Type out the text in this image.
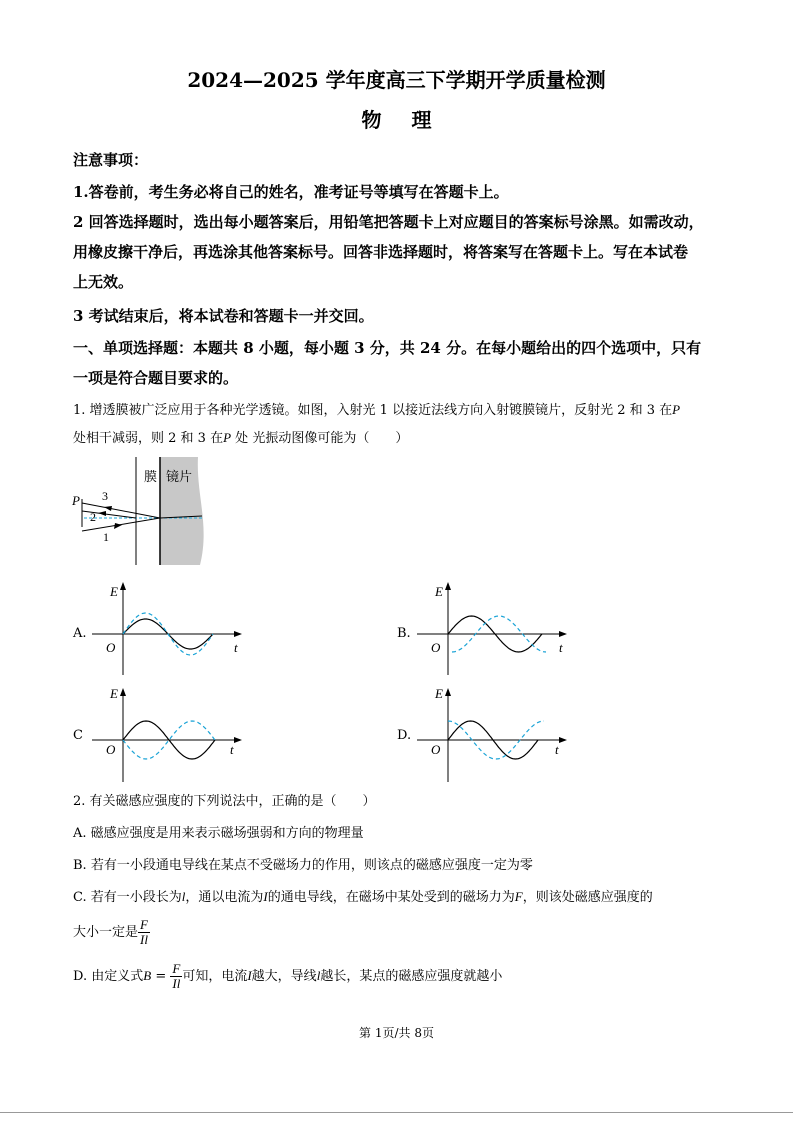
2024—2025 学年度高三下学期开学质量检测
物理
注意事项：
1.答卷前，考生务必将自己的姓名，准考证号等填写在答题卡上。
2 回答选择题时，选出每小题答案后，用铅笔把答题卡上对应题目的答案标号涂黑。如需改动，
用橡皮擦干净后，再选涂其他答案标号。回答非选择题时，将答案写在答题卡上。写在本试卷
上无效。
3 考试结束后，将本试卷和答题卡一并交回。
一、单项选择题：本题共 8 小题，每小题 3 分，共 24 分。在每小题给出的四个选项中，只有
一项是符合题目要求的。
1. 增透膜被广泛应用于各种光学透镜。如图，入射光 1 以接近法线方向入射镀膜镜片，反射光 2 和 3 在P
处相干减弱，则 2 和 3 在P 处 光振动图像可能为（　　）
膜 镜片
P 3
2
1
A.
E
O	t
B.
E
O	t
C
E
O	t
D.
E
O	t
2. 有关磁感应强度的下列说法中，正确的是（　　）
A. 磁感应强度是用来表示磁场强弱和方向的物理量
B. 若有一小段通电导线在某点不受磁场力的作用，则该点的磁感应强度一定为零
C. 若有一小段长为l，通以电流为I的通电导线，在磁场中某处受到的磁场力为F，则该处磁感应强度的
大小一定是 $\frac{F}{Il}$
D. 由定义式$B = \frac{F}{Il}$ 可知，电流I越大，导线l越长，某点的磁感应强度就越小
第 1页/共 8页
